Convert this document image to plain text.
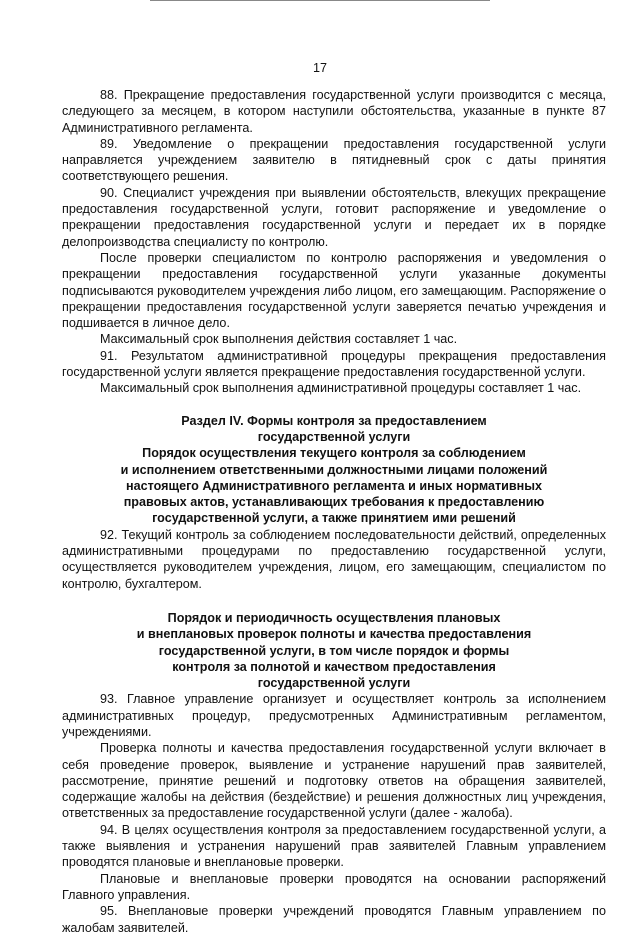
17

88. Прекращение предоставления государственной услуги производится с месяца, следующего за месяцем, в котором наступили обстоятельства, указанные в пункте 87 Административного регламента.

89. Уведомление о прекращении предоставления государственной услуги направляется учреждением заявителю в пятидневный срок с даты принятия соответствующего решения.

90. Специалист учреждения при выявлении обстоятельств, влекущих прекращение предоставления государственной услуги, готовит распоряжение и уведомление о прекращении предоставления государственной услуги и передает их в порядке делопроизводства специалисту по контролю.

После проверки специалистом по контролю распоряжения и уведомления о прекращении предоставления государственной услуги указанные документы подписываются руководителем учреждения либо лицом, его замещающим. Распоряжение о прекращении предоставления государственной услуги заверяется печатью учреждения и подшивается в личное дело.

Максимальный срок выполнения действия составляет 1 час.

91. Результатом административной процедуры прекращения предоставления государственной услуги является прекращение предоставления государственной услуги.

Максимальный срок выполнения административной процедуры составляет 1 час.

Раздел IV. Формы контроля за предоставлением
государственной услуги
Порядок осуществления текущего контроля за соблюдением
и исполнением ответственными должностными лицами положений
настоящего Административного регламента и иных нормативных
правовых актов, устанавливающих требования к предоставлению
государственной услуги, а также принятием ими решений

92. Текущий контроль за соблюдением последовательности действий, определенных административными процедурами по предоставлению государственной услуги, осуществляется руководителем учреждения, лицом, его замещающим, специалистом по контролю, бухгалтером.

Порядок и периодичность осуществления плановых
и внеплановых проверок полноты и качества предоставления
государственной услуги, в том числе порядок и формы
контроля за полнотой и качеством предоставления
государственной услуги

93. Главное управление организует и осуществляет контроль за исполнением административных процедур, предусмотренных Административным регламентом, учреждениями.

Проверка полноты и качества предоставления государственной услуги включает в себя проведение проверок, выявление и устранение нарушений прав заявителей, рассмотрение, принятие решений и подготовку ответов на обращения заявителей, содержащие жалобы на действия (бездействие) и решения должностных лиц учреждения, ответственных за предоставление государственной услуги (далее - жалоба).

94. В целях осуществления контроля за предоставлением государственной услуги, а также выявления и устранения нарушений прав заявителей Главным управлением проводятся плановые и внеплановые проверки.

Плановые и внеплановые проверки проводятся на основании распоряжений Главного управления.

95. Внеплановые проверки учреждений проводятся Главным управлением по жалобам заявителей.
